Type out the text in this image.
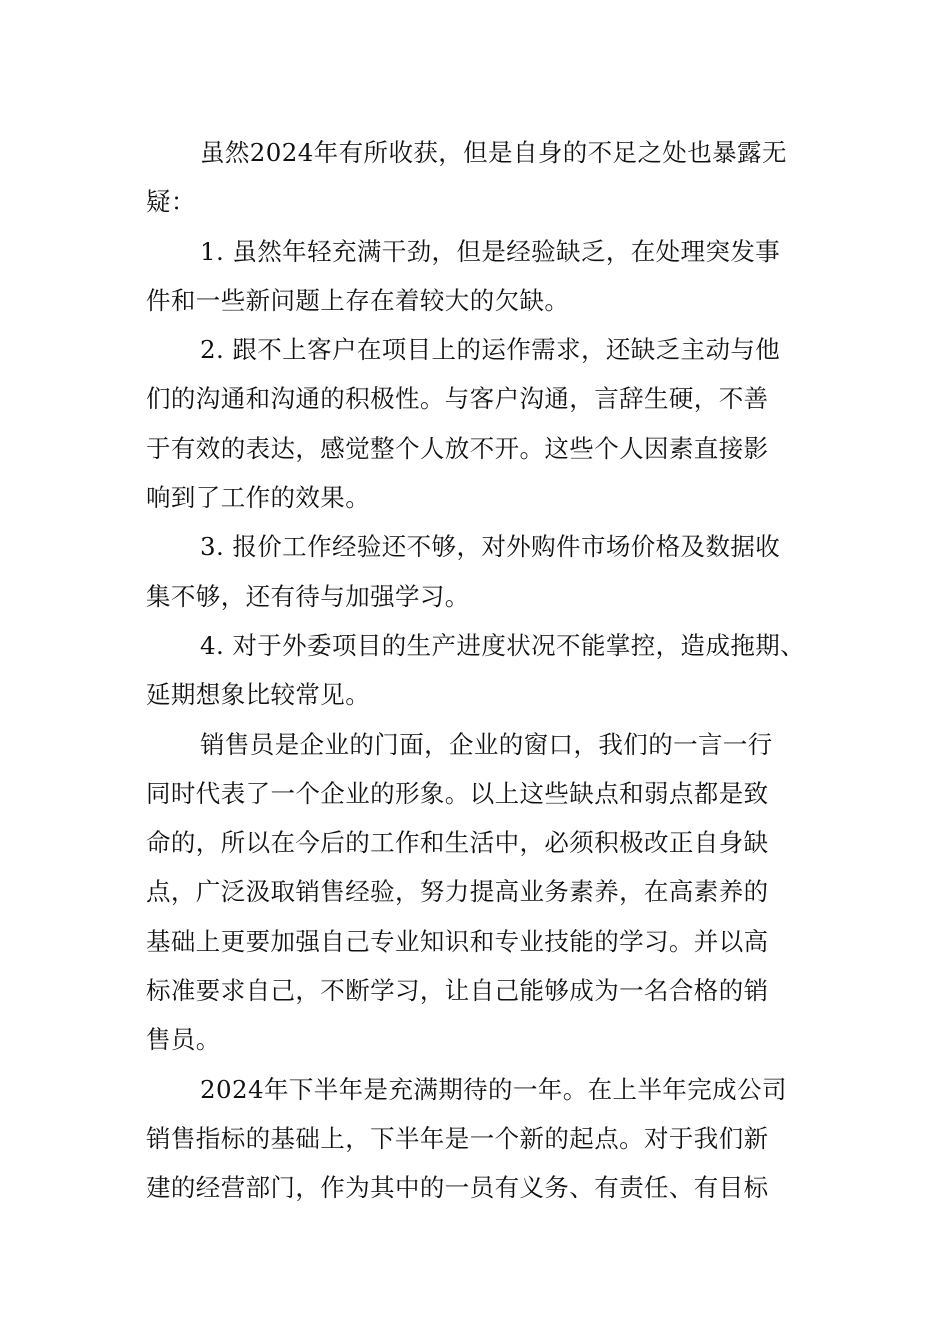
虽然2024年有所收获，但是自身的不足之处也暴露无
疑：
1. 虽然年轻充满干劲，但是经验缺乏，在处理突发事
件和一些新问题上存在着较大的欠缺。
2. 跟不上客户在项目上的运作需求，还缺乏主动与他
们的沟通和沟通的积极性。与客户沟通，言辞生硬，不善
于有效的表达，感觉整个人放不开。这些个人因素直接影
响到了工作的效果。
3. 报价工作经验还不够，对外购件市场价格及数据收
集不够，还有待与加强学习。
4. 对于外委项目的生产进度状况不能掌控，造成拖期、
延期想象比较常见。
销售员是企业的门面，企业的窗口，我们的一言一行
同时代表了一个企业的形象。以上这些缺点和弱点都是致
命的，所以在今后的工作和生活中，必须积极改正自身缺
点，广泛汲取销售经验，努力提高业务素养，在高素养的
基础上更要加强自己专业知识和专业技能的学习。并以高
标准要求自己，不断学习，让自己能够成为一名合格的销
售员。
2024年下半年是充满期待的一年。在上半年完成公司
销售指标的基础上，下半年是一个新的起点。对于我们新
建的经营部门，作为其中的一员有义务、有责任、有目标
